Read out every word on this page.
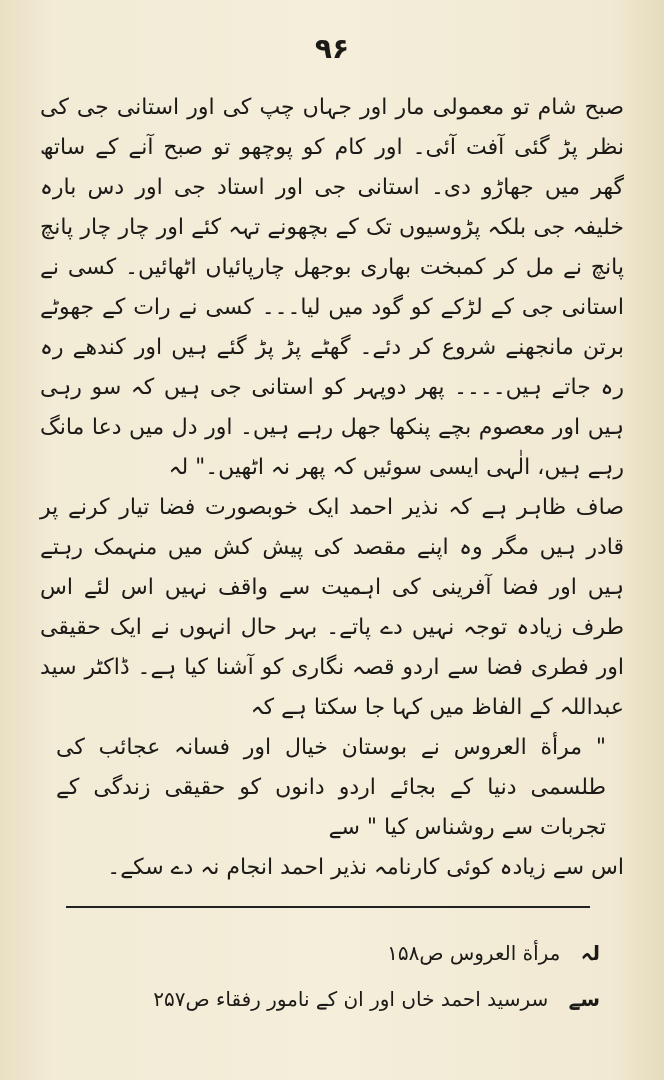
۹۶

صبح شام تو معمولی مار اور جہاں چپ کی اور استانی جی کی نظر پڑ گئی آفت آئی۔ اور کام کو پوچھو تو صبح آنے کے ساتھ گھر میں جھاڑو دی۔ استانی جی اور استاد جی اور دس بارہ خلیفہ جی بلکہ پڑوسیوں تک کے بچھونے تہہ کئے اور چار چار پانچ پانچ نے مل کر کمبخت بھاری بوجھل چارپائیاں اٹھائیں۔ کسی نے استانی جی کے لڑکے کو گود میں لیا۔۔۔ کسی نے رات کے جھوٹے برتن مانجھنے شروع کر دئے۔ گھٹے پڑ پڑ گئے ہیں اور کندھے رہ رہ جاتے ہیں۔۔۔۔ پھر دوپہر کو استانی جی ہیں کہ سو رہی ہیں اور معصوم بچے پنکھا جھل رہے ہیں۔ اور دل میں دعا مانگ رہے ہیں، الٰہی ایسی سوئیں کہ پھر نہ اٹھیں۔" لہ

صاف ظاہر ہے کہ نذیر احمد ایک خوبصورت فضا تیار کرنے پر قادر ہیں مگر وہ اپنے مقصد کی پیش کش میں منہمک رہتے ہیں اور فضا آفرینی کی اہمیت سے واقف نہیں اس لئے اس طرف زیادہ توجہ نہیں دے پاتے۔ بہر حال انہوں نے ایک حقیقی اور فطری فضا سے اردو قصہ نگاری کو آشنا کیا ہے۔ ڈاکٹر سید عبداللہ کے الفاظ میں کہا جا سکتا ہے کہ

" مرأة العروس نے بوستان خیال اور فسانہ عجائب کی طلسمی دنیا کے بجائے اردو دانوں کو حقیقی زندگی کے تجربات سے روشناس کیا " سے

اس سے زیادہ کوئی کارنامہ نذیر احمد انجام نہ دے سکے۔

لہ مرأة العروس ص۱۵۸

سے سرسید احمد خاں اور ان کے نامور رفقاء ص۲۵۷
